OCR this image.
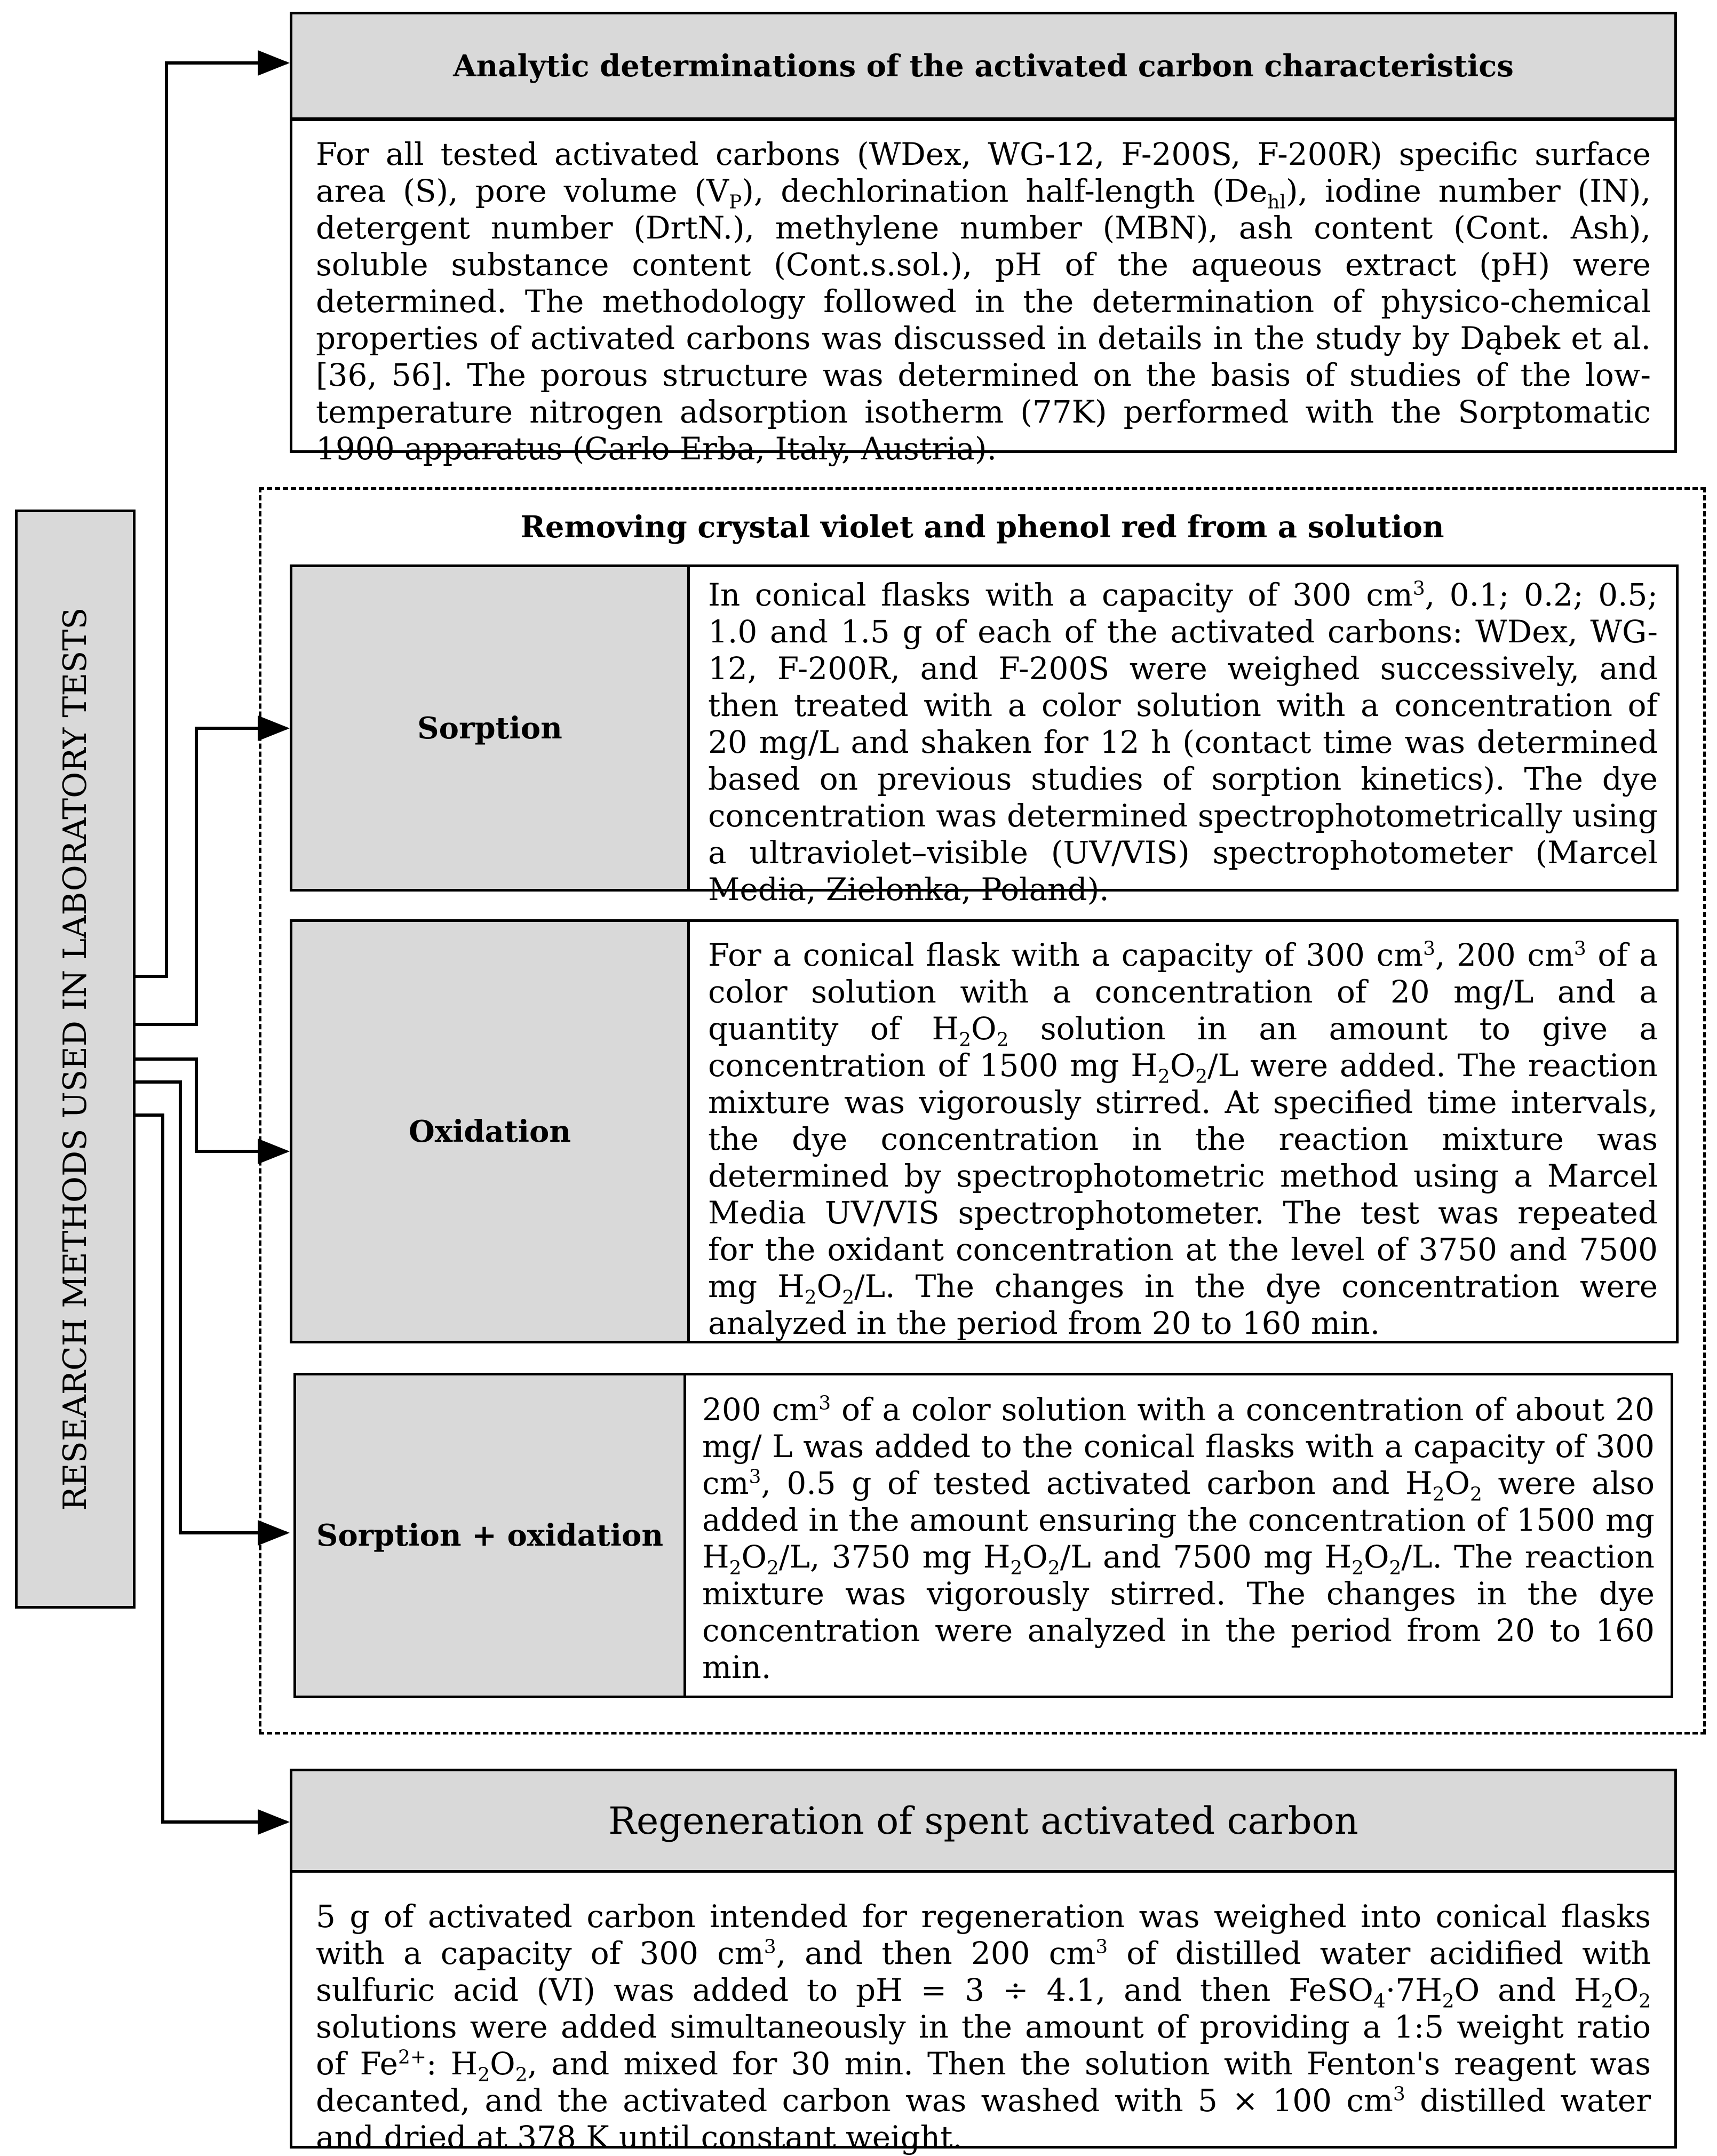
RESEARCH METHODS USED IN LABORATORY TESTS
Analytic determinations of the activated carbon characteristics

For all tested activated carbons (WDex, WG-12, F-200S, F-200R) specific surface area (S), pore volume $(V_P)$, dechlorination half-length $(De_{hl})$, iodine number (IN), detergent number (DrtN.), methylene number (MBN), ash content (Cont. Ash), soluble substance content (Cont.s.sol.), pH of the aqueous extract (pH) were determined. The methodology followed in the determination of physico-chemical properties of activated carbons was discussed in details in the study by Dąbek et al. [36, 56]. The porous structure was determined on the basis of studies of the low-temperature nitrogen adsorption isotherm (77K) performed with the Sorptomatic 1900 apparatus (Carlo Erba, Italy, Austria).

Removing crystal violet and phenol red from a solution
Sorption

In conical flasks with a capacity of 300 $cm^3$, 0.1; 0.2; 0.5; 1.0 and 1.5 g of each of the activated carbons: WDex, WG-12, F-200R, and F-200S were weighed successively, and then treated with a color solution with a concentration of 20 mg/L and shaken for 12 h (contact time was determined based on previous studies of sorption kinetics). The dye concentration was determined spectrophotometrically using a ultraviolet–visible (UV/VIS) spectrophotometer (Marcel Media, Zielonka, Poland).

Oxidation

For a conical flask with a capacity of 300 $cm^3$, 200 $cm^3$ of a color solution with a concentration of 20 mg/L and a quantity of $H_2O_2$ solution in an amount to give a concentration of 1500 mg $H_2O_2/L$ were added. The reaction mixture was vigorously stirred. At specified time intervals, the dye concentration in the reaction mixture was determined by spectrophotometric method using a Marcel Media UV/VIS spectrophotometer. The test was repeated for the oxidant concentration at the level of 3750 and 7500 mg $H_2O_2/L$. The changes in the dye concentration were analyzed in the period from 20 to 160 min.

Sorption + oxidation

200 $cm^3$ of a color solution with a concentration of about 20 mg/ L was added to the conical flasks with a capacity of 300 $cm^3$, 0.5 g of tested activated carbon and $H_2O_2$ were also added in the amount ensuring the concentration of 1500 mg $H_2O_2/L$, 3750 mg $H_2O_2/L$ and 7500 mg $H_2O_2/L$. The reaction mixture was vigorously stirred. The changes in the dye concentration were analyzed in the period from 20 to 160 min.

Regeneration of spent activated carbon

5 g of activated carbon intended for regeneration was weighed into conical flasks with a capacity of 300 $cm^3$, and then 200 $cm^3$ of distilled water acidified with sulfuric acid (VI) was added to pH = 3 ÷ 4.1, and then $FeSO_4\cdot 7H_2O$ and $H_2O_2$ solutions were added simultaneously in the amount of providing a 1:5 weight ratio of $Fe^{2+}$: $H_2O_2$, and mixed for 30 min. Then the solution with Fenton's reagent was decanted, and the activated carbon was washed with 5 × 100 $cm^3$ distilled water and dried at 378 K until constant weight.
